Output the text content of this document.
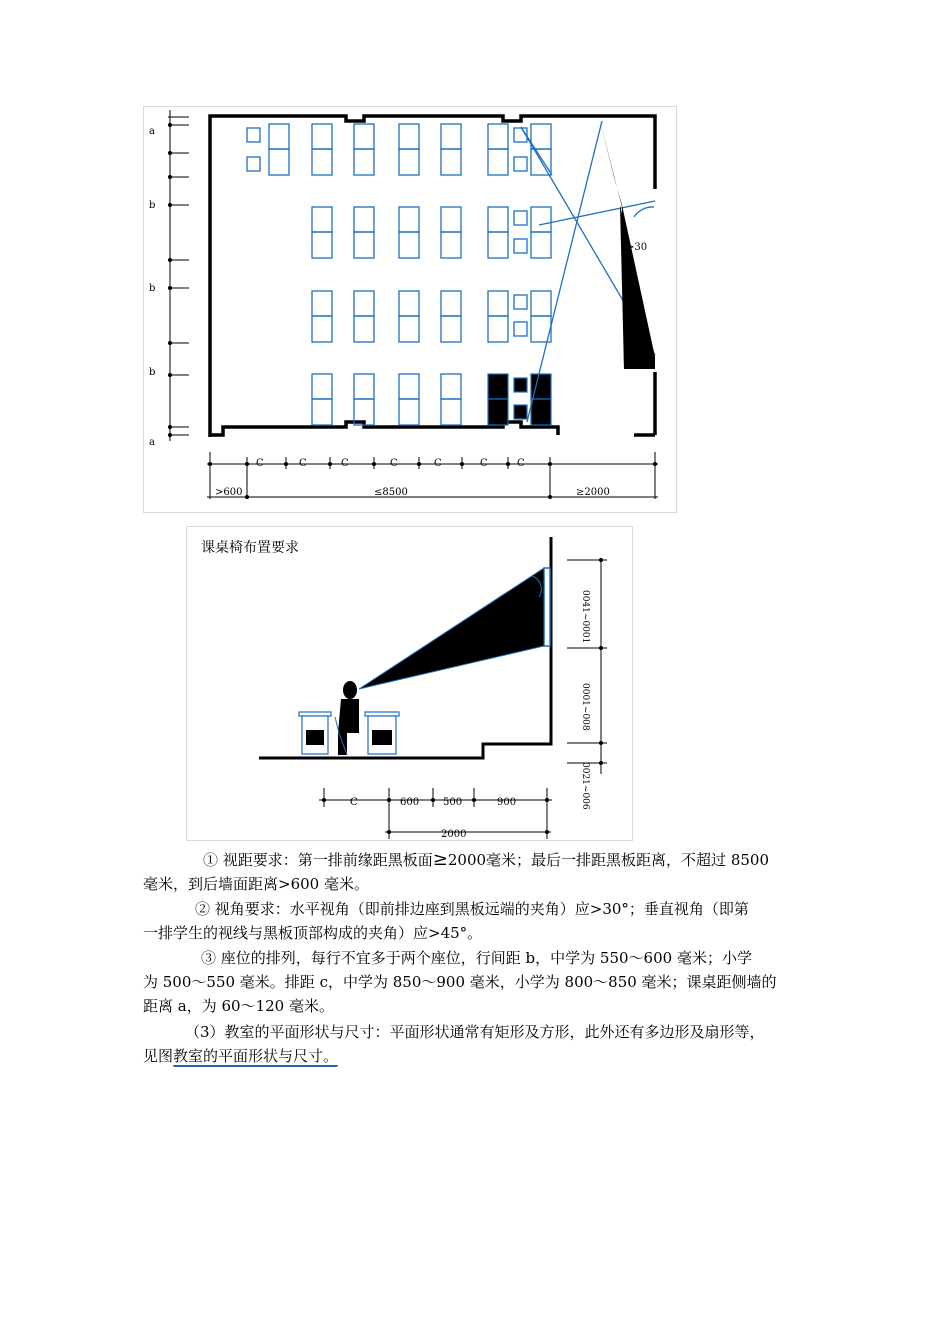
a
b
b
b
a
>30
C	C	C	C	C	C	C
>600	≤8500	≥2000
课桌椅布置要求
0041~0001
0001~008
0021~006
C	600 500	900
2000
① 视距要求：第一排前缘距黑板面≥2000毫米；最后一排距黑板距离，不超过 8500
毫米，到后墙面距离>600 毫米。
② 视角要求：水平视角（即前排边座到黑板远端的夹角）应>30°；垂直视角（即第
一排学生的视线与黑板顶部构成的夹角）应>45°。
③ 座位的排列，每行不宜多于两个座位，行间距 b，中学为 550～600 毫米；小学
为 500～550 毫米。排距 c，中学为 850～900 毫米，小学为 800～850 毫米；课桌距侧墙的
距离 a，为 60～120 毫米。
（3）教室的平面形状与尺寸：平面形状通常有矩形及方形，此外还有多边形及扇形等，
见图教室的平面形状与尺寸。
